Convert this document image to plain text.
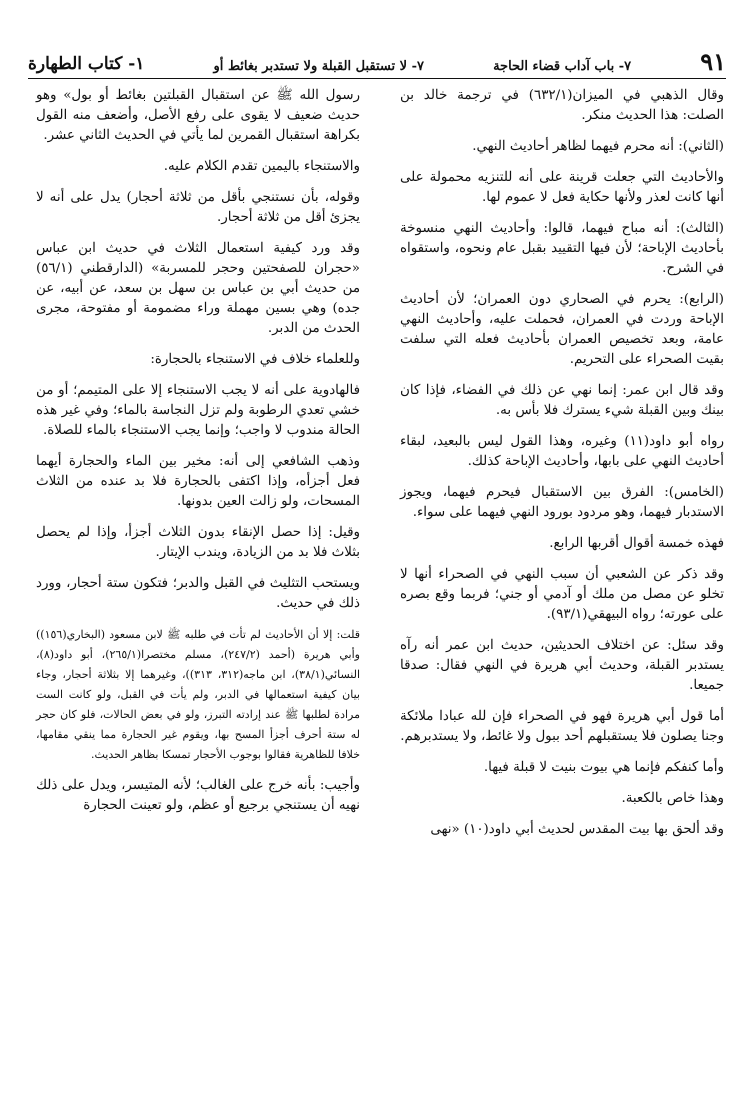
٩١
٧- باب آداب قضاء الحاجة
٧- لا تستقبل القبلة ولا تستدبر بغائط أو
١- كتاب الطهارة

وقال الذهبي في الميزان(٦٣٢/١) في ترجمة خالد بن الصلت: هذا الحديث منكر.

(الثاني): أنه محرم فيهما لظاهر أحاديث النهي.

والأحاديث التي جعلت قرينة على أنه للتنزيه محمولة على أنها كانت لعذر ولأنها حكاية فعل لا عموم لها.

(الثالث): أنه مباح فيهما، قالوا: وأحاديث النهي منسوخة بأحاديث الإباحة؛ لأن فيها التقييد بقبل عام ونحوه، واستقواه في الشرح.

(الرابع): يحرم في الصحاري دون العمران؛ لأن أحاديث الإباحة وردت في العمران، فحملت عليه، وأحاديث النهي عامة، وبعد تخصيص العمران بأحاديث فعله التي سلفت بقيت الصحراء على التحريم.

وقد قال ابن عمر: إنما نهي عن ذلك في الفضاء، فإذا كان بينك وبين القبلة شيء يسترك فلا بأس به.

رواه أبو داود(١١) وغيره، وهذا القول ليس بالبعيد، لبقاء أحاديث النهي على بابها، وأحاديث الإباحة كذلك.

(الخامس): الفرق بين الاستقبال فيحرم فيهما، ويجوز الاستدبار فيهما، وهو مردود بورود النهي فيهما على سواء.

فهذه خمسة أقوال أقربها الرابع.

وقد ذكر عن الشعبي أن سبب النهي في الصحراء أنها لا تخلو عن مصل من ملك أو آدمي أو جني؛ فربما وقع بصره على عورته؛ رواه البيهقي(٩٣/١).

وقد سئل: عن اختلاف الحديثين، حديث ابن عمر أنه رآه يستدبر القبلة، وحديث أبي هريرة في النهي فقال: صدقا جميعا.

أما قول أبي هريرة فهو في الصحراء فإن لله عبادا ملائكة وجنا يصلون فلا يستقبلهم أحد ببول ولا غائط، ولا يستدبرهم.

وأما كنفكم فإنما هي بيوت بنيت لا قبلة فيها.

وهذا خاص بالكعبة.

وقد ألحق بها بيت المقدس لحديث أبي داود(١٠) «نهى

رسول الله ﷺ عن استقبال القبلتين بغائط أو بول» وهو حديث ضعيف لا يقوى على رفع الأصل، وأضعف منه القول بكراهة استقبال القمرين لما يأتي في الحديث الثاني عشر.

والاستنجاء باليمين تقدم الكلام عليه.

وقوله، بأن نستنجي بأقل من ثلاثة أحجار) يدل على أنه لا يجزئ أقل من ثلاثة أحجار.

وقد ورد كيفية استعمال الثلاث في حديث ابن عباس «حجران للصفحتين وحجر للمسربة» (الدارقطني (٥٦/١) من حديث أبي بن عباس بن سهل بن سعد، عن أبيه، عن جده) وهي بسين مهملة وراء مضمومة أو مفتوحة، مجرى الحدث من الدبر.

وللعلماء خلاف في الاستنجاء بالحجارة:

فالهادوية على أنه لا يجب الاستنجاء إلا على المتيمم؛ أو من خشي تعدي الرطوبة ولم تزل النجاسة بالماء؛ وفي غير هذه الحالة مندوب لا واجب؛ وإنما يجب الاستنجاء بالماء للصلاة.

وذهب الشافعي إلى أنه: مخير بين الماء والحجارة أيهما فعل أجزأه، وإذا اكتفى بالحجارة فلا بد عنده من الثلاث المسحات، ولو زالت العين بدونها.

وقيل: إذا حصل الإنقاء بدون الثلاث أجزأ، وإذا لم يحصل بثلاث فلا بد من الزيادة، ويندب الإيتار.

ويستحب التثليث في القبل والدبر؛ فتكون ستة أحجار، وورد ذلك في حديث.

قلت: إلا أن الأحاديث لم تأت في طلبه ﷺ لابن مسعود (البخاري(١٥٦)) وأبي هريرة (أحمد (٢٤٧/٢)، مسلم مختصرا(٢٦٥/١)، أبو داود(٨)، النسائي(٣٨/١)، ابن ماجه(٣١٢، ٣١٣))، وغيرهما إلا بثلاثة أحجار، وجاء بيان كيفية استعمالها في الدبر، ولم يأت في القبل، ولو كانت الست مرادة لطلبها ﷺ عند إرادته التبرز، ولو في بعض الحالات، فلو كان حجر له ستة أحرف أجزأ المسح بها، ويقوم غير الحجارة مما ينقي مقامها، خلافا للظاهرية فقالوا بوجوب الأحجار تمسكا بظاهر الحديث.

وأجيب: بأنه خرج على الغالب؛ لأنه المتيسر، ويدل على ذلك نهيه أن يستنجي برجيع أو عظم، ولو تعينت الحجارة
